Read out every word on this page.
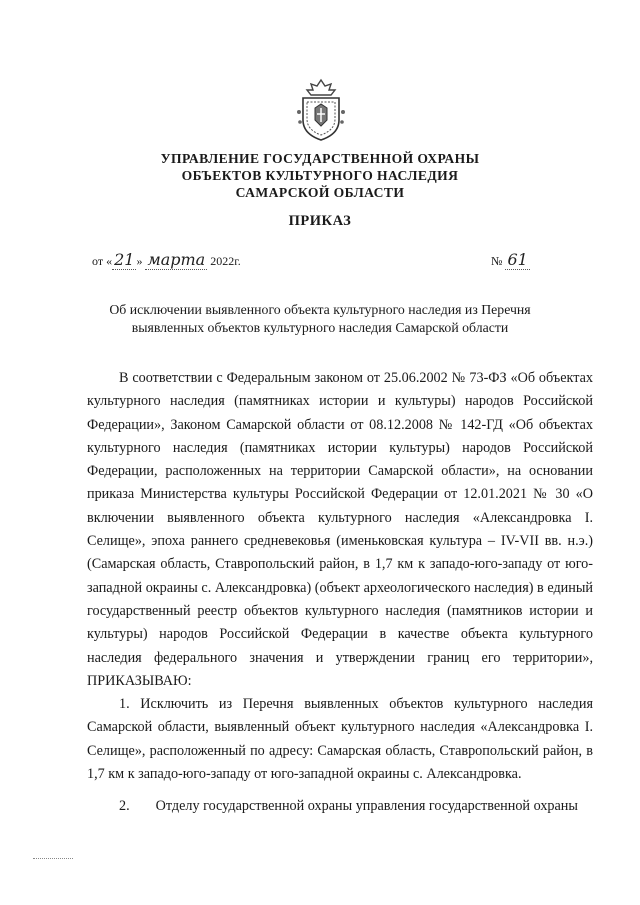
УПРАВЛЕНИЕ ГОСУДАРСТВЕННОЙ ОХРАНЫ
ОБЪЕКТОВ КУЛЬТУРНОГО НАСЛЕДИЯ
САМАРСКОЙ ОБЛАСТИ
ПРИКАЗ
от « 21 » марта 2022г.	№ 61
Об исключении выявленного объекта культурного наследия из Перечня выявленных объектов культурного наследия Самарской области
В соответствии с Федеральным законом от 25.06.2002 № 73-ФЗ «Об объектах культурного наследия (памятниках истории и культуры) народов Российской Федерации», Законом Самарской области от 08.12.2008 № 142-ГД «Об объектах культурного наследия (памятниках истории культуры) народов Российской Федерации, расположенных на территории Самарской области», на основании приказа Министерства культуры Российской Федерации от 12.01.2021 № 30 «О включении выявленного объекта культурного наследия «Александровка I. Селище», эпоха раннего средневековья (именьковская культура – IV-VII вв. н.э.) (Самарская область, Ставропольский район, в 1,7 км к западо-юго-западу от юго-западной окраины с. Александровка) (объект археологического наследия) в единый государственный реестр объектов культурного наследия (памятников истории и культуры) народов Российской Федерации в качестве объекта культурного наследия федерального значения и утверждении границ его территории», ПРИКАЗЫВАЮ:
1. Исключить из Перечня выявленных объектов культурного наследия Самарской области, выявленный объект культурного наследия «Александровка I. Селище», расположенный по адресу: Самарская область, Ставропольский район, в 1,7 км к западо-юго-западу от юго-западной окраины с. Александровка.
2. Отделу государственной охраны управления государственной охраны
